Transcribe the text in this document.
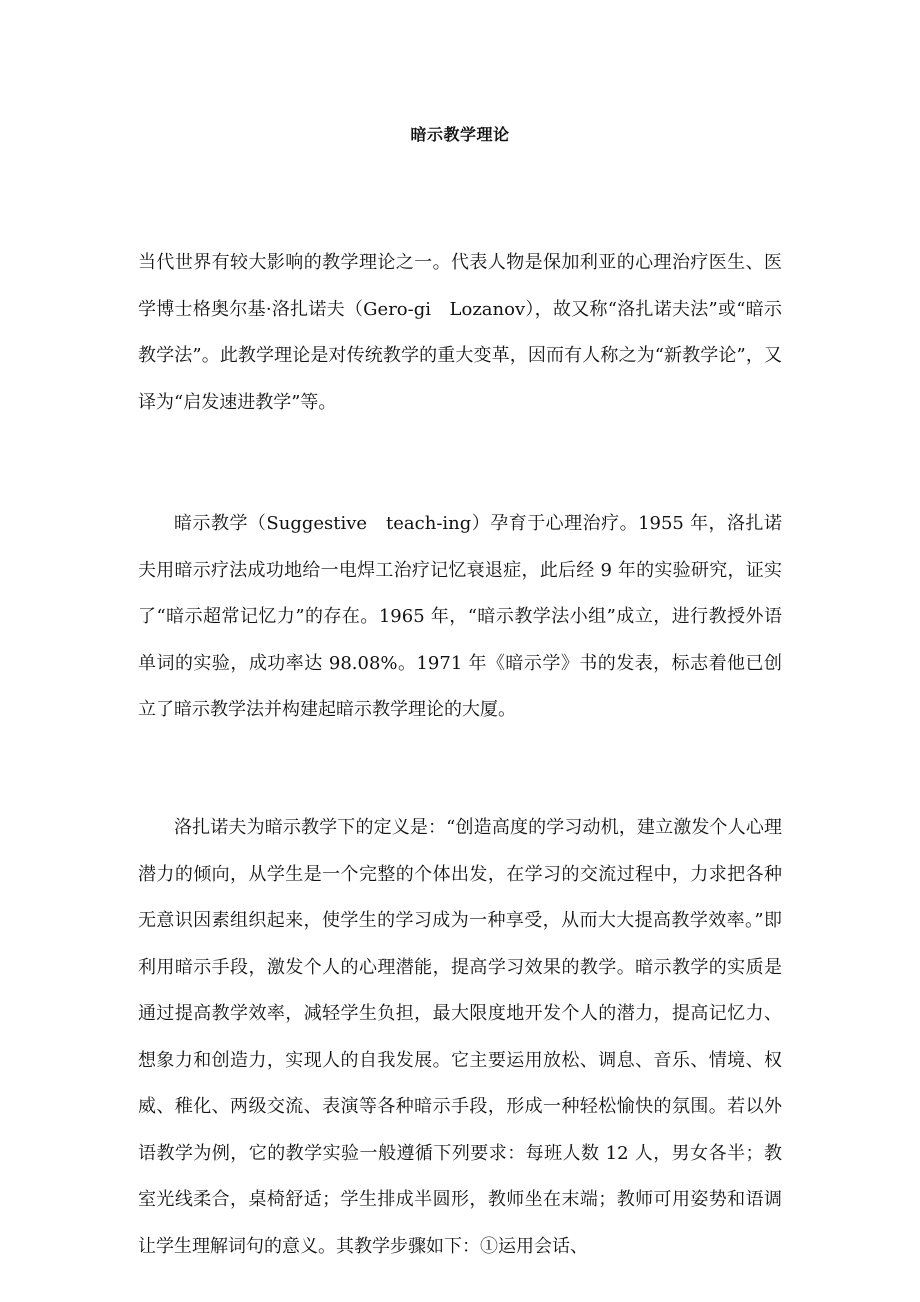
暗示教学理论

当代世界有较大影响的教学理论之一。代表人物是保加利亚的心理治疗医生、医学博士格奥尔基·洛扎诺夫（Gero-gi　Lozanov），故又称“洛扎诺夫法”或“暗示教学法”。此教学理论是对传统教学的重大变革，因而有人称之为“新教学论”，又译为“启发速进教学”等。

暗示教学（Suggestive　teach-ing）孕育于心理治疗。1955 年，洛扎诺夫用暗示疗法成功地给一电焊工治疗记忆衰退症，此后经 9 年的实验研究，证实了“暗示超常记忆力”的存在。1965 年，“暗示教学法小组”成立，进行教授外语单词的实验，成功率达 98.08%。1971 年《暗示学》书的发表，标志着他已创立了暗示教学法并构建起暗示教学理论的大厦。

洛扎诺夫为暗示教学下的定义是：“创造高度的学习动机，建立激发个人心理潜力的倾向，从学生是一个完整的个体出发，在学习的交流过程中，力求把各种无意识因素组织起来，使学生的学习成为一种享受，从而大大提高教学效率。”即利用暗示手段，激发个人的心理潜能，提高学习效果的教学。暗示教学的实质是通过提高教学效率，减轻学生负担，最大限度地开发个人的潜力，提高记忆力、想象力和创造力，实现人的自我发展。它主要运用放松、调息、音乐、情境、权威、稚化、两级交流、表演等各种暗示手段，形成一种轻松愉快的氛围。若以外语教学为例，它的教学实验一般遵循下列要求：每班人数 12 人，男女各半；教室光线柔合，桌椅舒适；学生排成半圆形，教师坐在末端；教师可用姿势和语调让学生理解词句的意义。其教学步骤如下：①运用会话、
